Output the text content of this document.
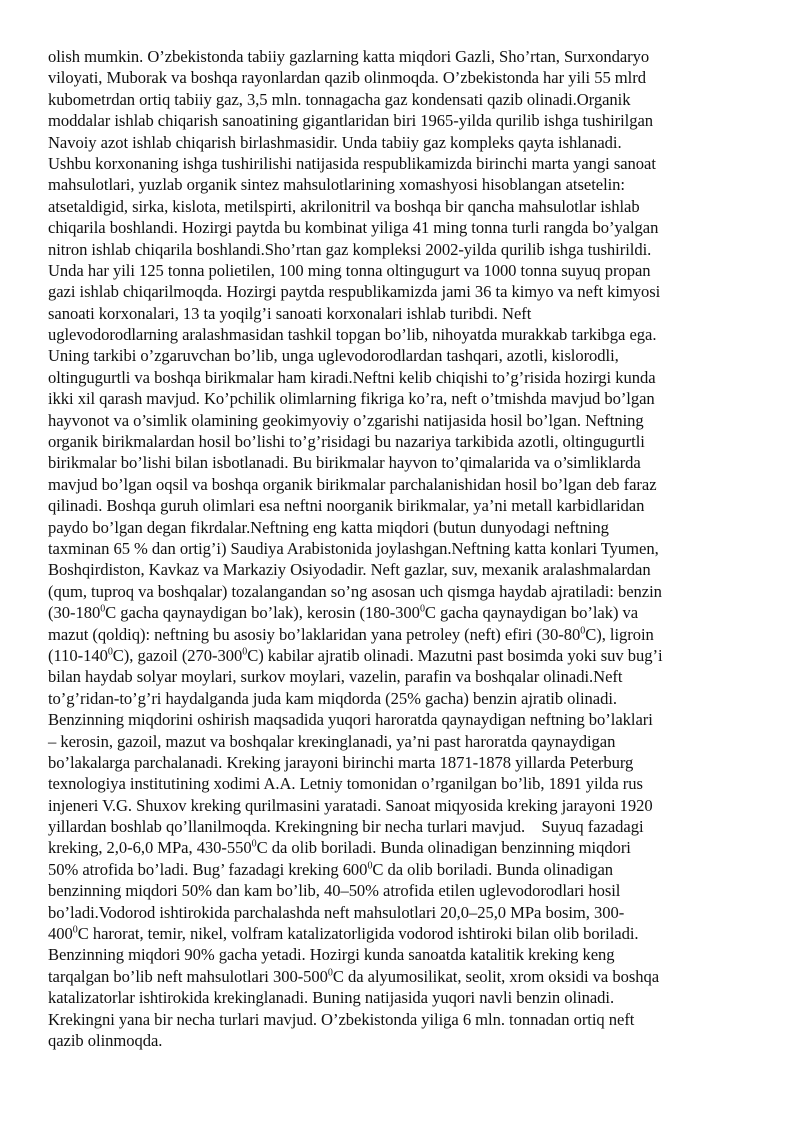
olish mumkin. O’zbekistonda tabiiy gazlarning katta miqdori Gazli, Sho’rtan, Surxondaryo
viloyati, Muborak va boshqa rayonlardan qazib olinmoqda. O’zbekistonda har yili 55 mlrd
kubometrdan ortiq tabiiy gaz, 3,5 mln. tonnagacha gaz kondensati qazib olinadi.Organik
moddalar ishlab chiqarish sanoatining gigantlaridan biri 1965-yilda qurilib ishga tushirilgan
Navoiy azot ishlab chiqarish birlashmasidir. Unda tabiiy gaz kompleks qayta ishlanadi.
Ushbu korxonaning ishga tushirilishi natijasida respublikamizda birinchi marta yangi sanoat
mahsulotlari, yuzlab organik sintez mahsulotlarining xomashyosi hisoblangan atsetelin:
atsetaldigid, sirka, kislota, metilspirti, akrilonitril va boshqa bir qancha mahsulotlar ishlab
chiqarila boshlandi. Hozirgi paytda bu kombinat yiliga 41 ming tonna turli rangda bo’yalgan
nitron ishlab chiqarila boshlandi.Sho’rtan gaz kompleksi 2002-yilda qurilib ishga tushirildi.
Unda har yili 125 tonna polietilen, 100 ming tonna oltingugurt va 1000 tonna suyuq propan
gazi ishlab chiqarilmoqda. Hozirgi paytda respublikamizda jami 36 ta kimyo va neft kimyosi
sanoati korxonalari, 13 ta yoqilg’i sanoati korxonalari ishlab turibdi. Neft
uglevodorodlarning aralashmasidan tashkil topgan bo’lib, nihoyatda murakkab tarkibga ega.
Uning tarkibi o’zgaruvchan bo’lib, unga uglevodorodlardan tashqari, azotli, kislorodli,
oltingugurtli va boshqa birikmalar ham kiradi.Neftni kelib chiqishi to’g’risida hozirgi kunda
ikki xil qarash mavjud. Ko’pchilik olimlarning fikriga ko’ra, neft o’tmishda mavjud bo’lgan
hayvonot va o’simlik olamining geokimyoviy o’zgarishi natijasida hosil bo’lgan. Neftning
organik birikmalardan hosil bo’lishi to’g’risidagi bu nazariya tarkibida azotli, oltingugurtli
birikmalar bo’lishi bilan isbotlanadi. Bu birikmalar hayvon to’qimalarida va o’simliklarda
mavjud bo’lgan oqsil va boshqa organik birikmalar parchalanishidan hosil bo’lgan deb faraz
qilinadi. Boshqa guruh olimlari esa neftni noorganik birikmalar, ya’ni metall karbidlaridan
paydo bo’lgan degan fikrdalar.Neftning eng katta miqdori (butun dunyodagi neftning
taxminan 65 % dan ortig’i) Saudiya Arabistonida joylashgan.Neftning katta konlari Tyumen,
Boshqirdiston, Kavkaz va Markaziy Osiyodadir. Neft gazlar, suv, mexanik aralashmalardan
(qum, tuproq va boshqalar) tozalangandan so’ng asosan uch qismga haydab ajratiladi: benzin
($30-180^0C$ gacha qaynaydigan bo’lak), kerosin ($180-300^0C$ gacha qaynaydigan bo’lak) va
mazut (qoldiq): neftning bu asosiy bo’laklaridan yana petroley (neft) efiri $(30-80^0C)$, ligroin
$(110-140^0C)$, gazoil $(270-300^0C)$ kabilar ajratib olinadi. Mazutni past bosimda yoki suv bug’i
bilan haydab solyar moylari, surkov moylari, vazelin, parafin va boshqalar olinadi.Neft
to’g’ridan-to’g’ri haydalganda juda kam miqdorda (25% gacha) benzin ajratib olinadi.
Benzinning miqdorini oshirish maqsadida yuqori haroratda qaynaydigan neftning bo’laklari
– kerosin, gazoil, mazut va boshqalar kreкinglanadi, ya’ni past haroratda qaynaydigan
bo’lakalarga parchalanadi. Kreking jarayoni birinchi marta 1871-1878 yillarda Peterburg
texnologiya institutining xodimi A.A. Letniy tomonidan o’rganilgan bo’lib, 1891 yilda rus
injeneri V.G. Shuxov kreking qurilmasini yaratadi. Sanoat miqyosida kreking jarayoni 1920
yillardan boshlab qo’llanilmoqda. Krekingning bir necha turlari mavjud.    Suyuq fazadagi
kreking, 2,0-6,0 MPa, $430-550^0C$ da olib boriladi. Bunda olinadigan benzinning miqdori
50% atrofida bo’ladi. Bug’ fazadagi kreking $600^0C$ da olib boriladi. Bunda olinadigan
benzinning miqdori 50% dan kam bo’lib, 40–50% atrofida etilen uglevodorodlari hosil
bo’ladi.Vodorod ishtirokida parchalashda neft mahsulotlari 20,0–25,0 MPa bosim, 300-
$400^0C$ harorat, temir, nikel, volfram katalizatorligida vodorod ishtiroki bilan olib boriladi.
Benzinning miqdori 90% gacha yetadi. Hozirgi kunda sanoatda katalitik kreking keng
tarqalgan bo’lib neft mahsulotlari $300-500^0C$ da alyumosilikat, seolit, xrom oksidi va boshqa
katalizatorlar ishtirokida krekinglanadi. Buning natijasida yuqori navli benzin olinadi.
Krekingni yana bir necha turlari mavjud. O’zbekistonda yiliga 6 mln. tonnadan ortiq neft
qazib olinmoqda.
